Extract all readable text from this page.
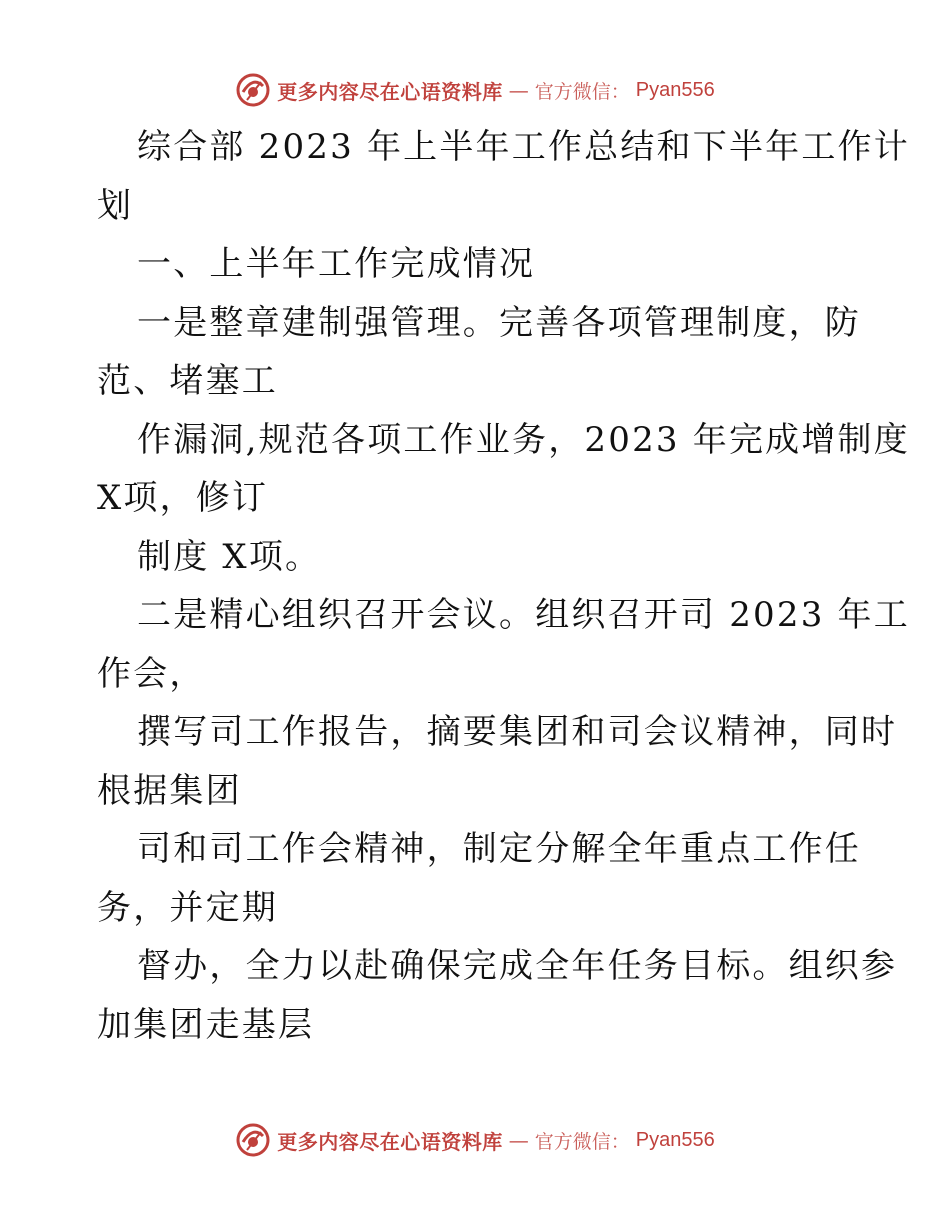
更多内容尽在心语资料库 — 官方微信： Pyan556
综合部 2023 年上半年工作总结和下半年工作计
划
一、上半年工作完成情况
一是整章建制强管理。完善各项管理制度，防
范、堵塞工
作漏洞,规范各项工作业务，2023 年完成增制度
X项，修订
制度 X项。
二是精心组织召开会议。组织召开司 2023 年工
作会，
撰写司工作报告，摘要集团和司会议精神，同时
根据集团
司和司工作会精神，制定分解全年重点工作任
务，并定期
督办，全力以赴确保完成全年任务目标。组织参
加集团走基层
更多内容尽在心语资料库 — 官方微信： Pyan556
